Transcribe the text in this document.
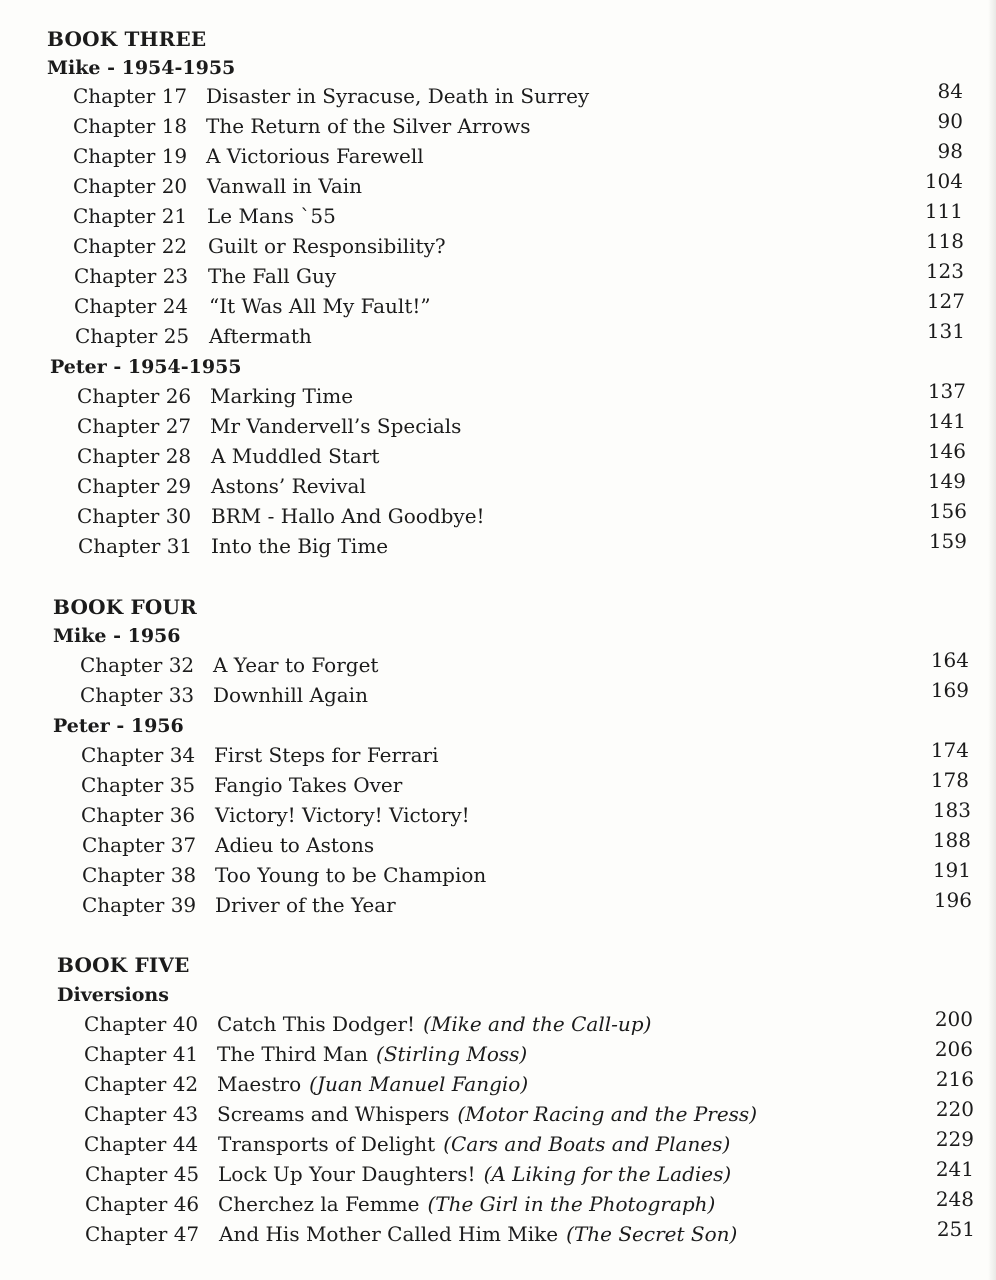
BOOK THREE
Mike - 1954-1955
Chapter 17 Disaster in Syracuse, Death in Surrey	84
Chapter 18 The Return of the Silver Arrows	90
Chapter 19 A Victorious Farewell	98
Chapter 20 Vanwall in Vain	104
Chapter 21 Le Mans `55	111
Chapter 22 Guilt or Responsibility?	118
Chapter 23 The Fall Guy	123
Chapter 24 “It Was All My Fault!”	127
Chapter 25 Aftermath	131
Peter - 1954-1955
Chapter 26 Marking Time	137
Chapter 27 Mr Vandervell’s Specials	141
Chapter 28 A Muddled Start	146
Chapter 29 Astons’ Revival	149
Chapter 30 BRM - Hallo And Goodbye!	156
Chapter 31 Into the Big Time	159
BOOK FOUR
Mike - 1956
Chapter 32 A Year to Forget	164
Chapter 33 Downhill Again	169
Peter - 1956
Chapter 34 First Steps for Ferrari	174
Chapter 35 Fangio Takes Over	178
Chapter 36 Victory! Victory! Victory!	183
Chapter 37 Adieu to Astons	188
Chapter 38 Too Young to be Champion	191
Chapter 39 Driver of the Year	196
BOOK FIVE
Diversions
Chapter 40 Catch This Dodger! (Mike and the Call-up)	200
Chapter 41 The Third Man (Stirling Moss)	206
Chapter 42 Maestro (Juan Manuel Fangio)	216
Chapter 43 Screams and Whispers (Motor Racing and the Press)	220
Chapter 44 Transports of Delight (Cars and Boats and Planes)	229
Chapter 45 Lock Up Your Daughters! (A Liking for the Ladies)	241
Chapter 46 Cherchez la Femme (The Girl in the Photograph)	248
Chapter 47 And His Mother Called Him Mike (The Secret Son)	251
